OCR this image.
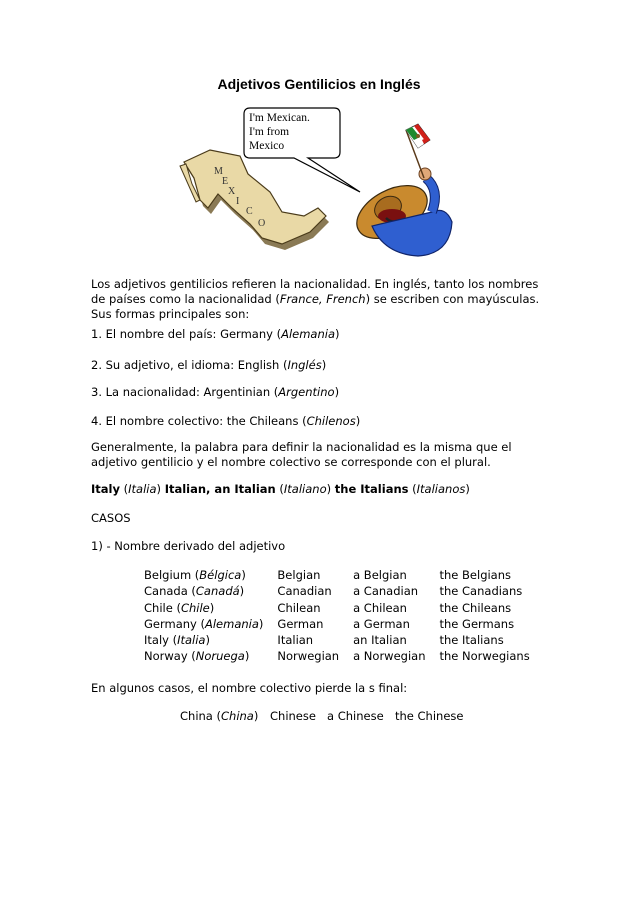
Adjetivos Gentilicios en Inglés
M
E
X
I
C
O
I'm Mexican.
I'm from
Mexico
Los adjetivos gentilicios refieren la nacionalidad. En inglés, tanto los nombres de países como la nacionalidad (France, French) se escriben con mayúsculas. Sus formas principales son:
1. El nombre del país: Germany (Alemania)
2. Su adjetivo, el idioma: English (Inglés)
3. La nacionalidad: Argentinian (Argentino)
4. El nombre colectivo: the Chileans (Chilenos)
Generalmente, la palabra para definir la nacionalidad es la misma que el adjetivo gentilicio y el nombre colectivo se corresponde con el plural.
Italy (Italia) Italian, an Italian (Italiano) the Italians (Italianos)
CASOS
1) - Nombre derivado del adjetivo
Belgium (Bélgica)	Belgian	a Belgian	the Belgians
Canada (Canadá)	Canadian	a Canadian	the Canadians
Chile (Chile)	Chilean	a Chilean	the Chileans
Germany (Alemania)	German	a German	the Germans
Italy (Italia)	Italian	an Italian	the Italians
Norway (Noruega)	Norwegian	a Norwegian	the Norwegians
En algunos casos, el nombre colectivo pierde la s final:
China (China) Chinese a Chinese the Chinese
